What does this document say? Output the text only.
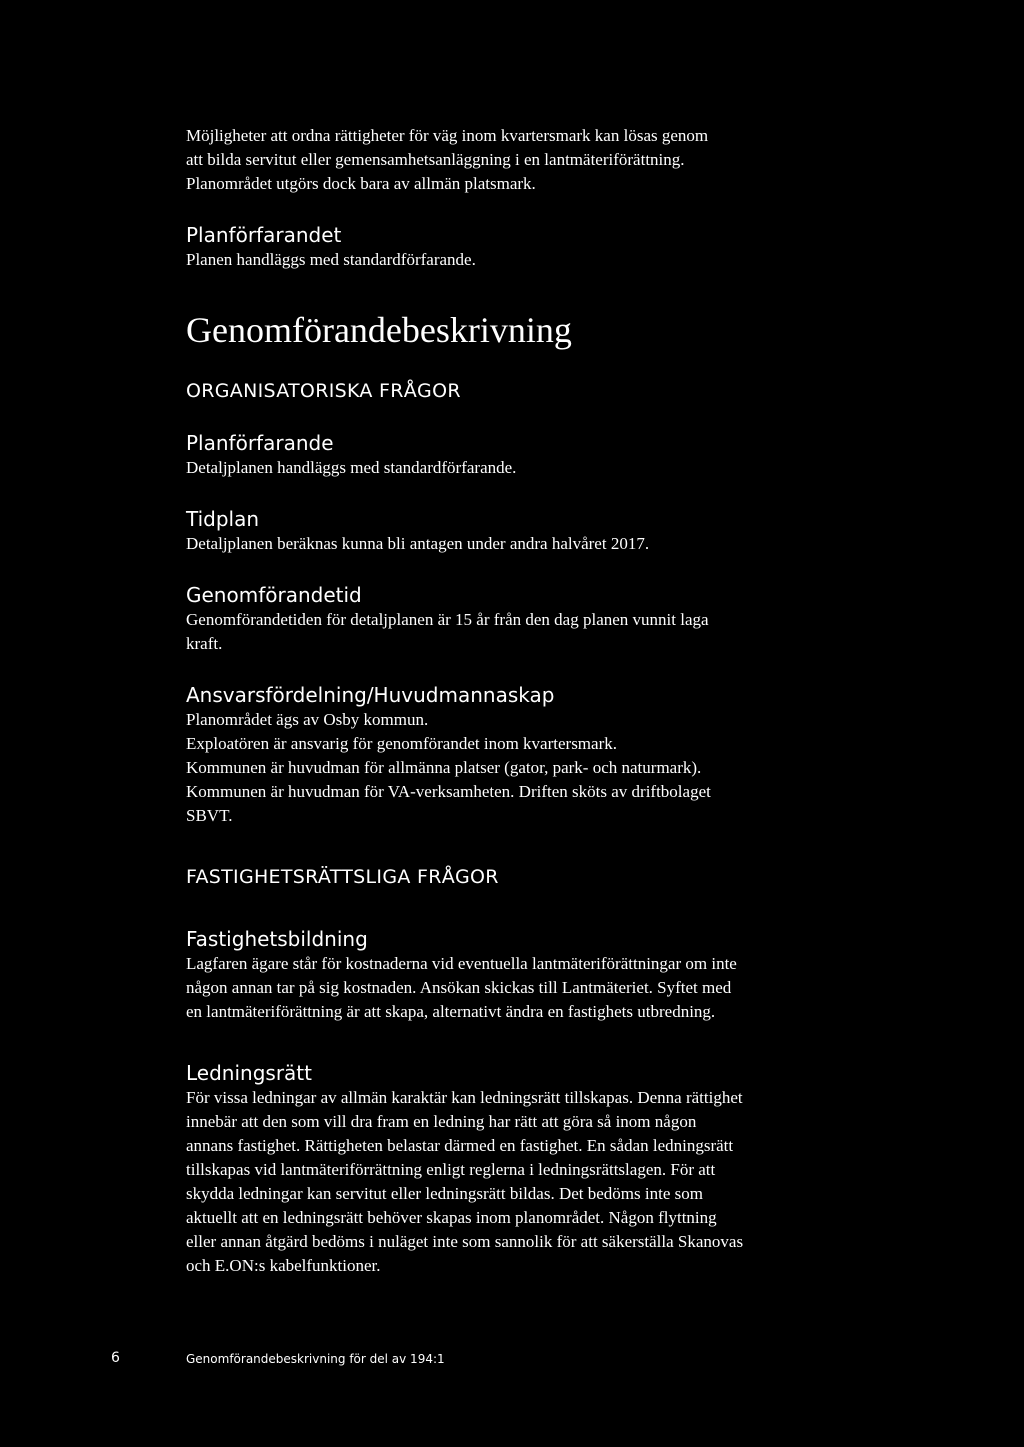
Möjligheter att ordna rättigheter för väg inom kvartersmark kan lösas genom

att bilda servitut eller gemensamhetsanläggning i en lantmäteriförättning.

Planområdet utgörs dock bara av allmän platsmark.

Planförfarandet

Planen handläggs med standardförfarande.

Genomförandebeskrivning
ORGANISATORISKA FRÅGOR
Planförfarande

Detaljplanen handläggs med standardförfarande.

Tidplan

Detaljplanen beräknas kunna bli antagen under andra halvåret 2017.

Genomförandetid

Genomförandetiden för detaljplanen är 15 år från den dag planen vunnit laga

kraft.

Ansvarsfördelning/Huvudmannaskap

Planområdet ägs av Osby kommun.

Exploatören är ansvarig för genomförandet inom kvartersmark.

Kommunen är huvudman för allmänna platser (gator, park- och naturmark).

Kommunen är huvudman för VA-verksamheten. Driften sköts av driftbolaget

SBVT.

FASTIGHETSRÄTTSLIGA FRÅGOR
Fastighetsbildning

Lagfaren ägare står för kostnaderna vid eventuella lantmäteriförättningar om inte

någon annan tar på sig kostnaden. Ansökan skickas till Lantmäteriet. Syftet med

en lantmäteriförättning är att skapa, alternativt ändra en fastighets utbredning.

Ledningsrätt

För vissa ledningar av allmän karaktär kan ledningsrätt tillskapas. Denna rättighet

innebär att den som vill dra fram en ledning har rätt att göra så inom någon

annans fastighet. Rättigheten belastar därmed en fastighet. En sådan ledningsrätt

tillskapas vid lantmäteriförrättning enligt reglerna i ledningsrättslagen. För att

skydda ledningar kan servitut eller ledningsrätt bildas. Det bedöms inte som

aktuellt att en ledningsrätt behöver skapas inom planområdet. Någon flyttning

eller annan åtgärd bedöms i nuläget inte som sannolik för att säkerställa Skanovas

och E.ON:s kabelfunktioner.

6	Genomförandebeskrivning för del av 194:1
